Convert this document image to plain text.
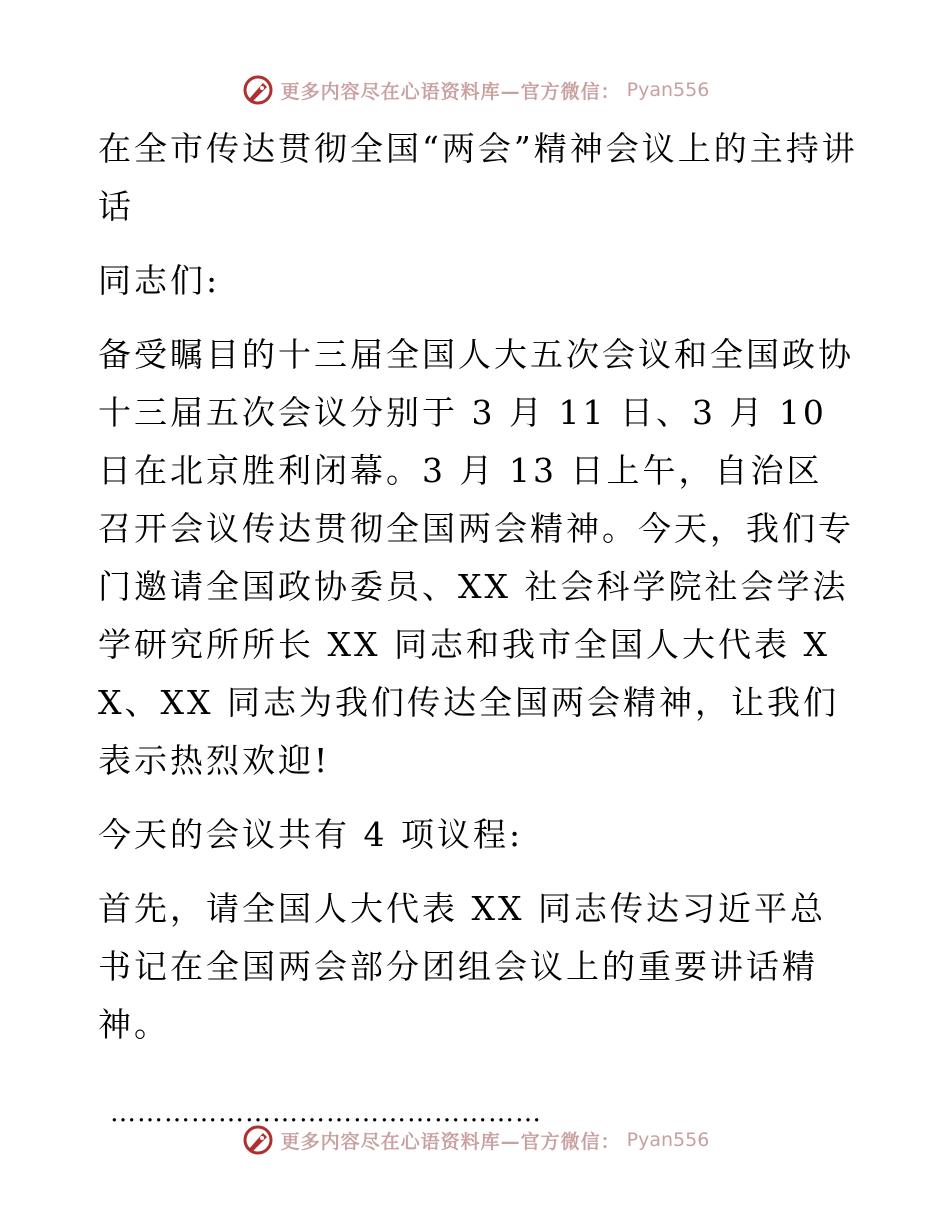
更多内容尽在心语资料库—官方微信： Pyan556

在全市传达贯彻全国“两会”精神会议上的主持讲话

同志们:

备受瞩目的十三届全国人大五次会议和全国政协十三届五次会议分别于 3 月 11 日、3 月 10 日在北京胜利闭幕。3 月 13 日上午，自治区召开会议传达贯彻全国两会精神。今天，我们专门邀请全国政协委员、XX 社会科学院社会学法学研究所所长 XX 同志和我市全国人大代表 XX、XX 同志为我们传达全国两会精神，让我们表示热烈欢迎!

今天的会议共有 4 项议程:

首先，请全国人大代表 XX 同志传达习近平总书记在全国两会部分团组会议上的重要讲话精神。

…………………………………………

更多内容尽在心语资料库—官方微信： Pyan556
